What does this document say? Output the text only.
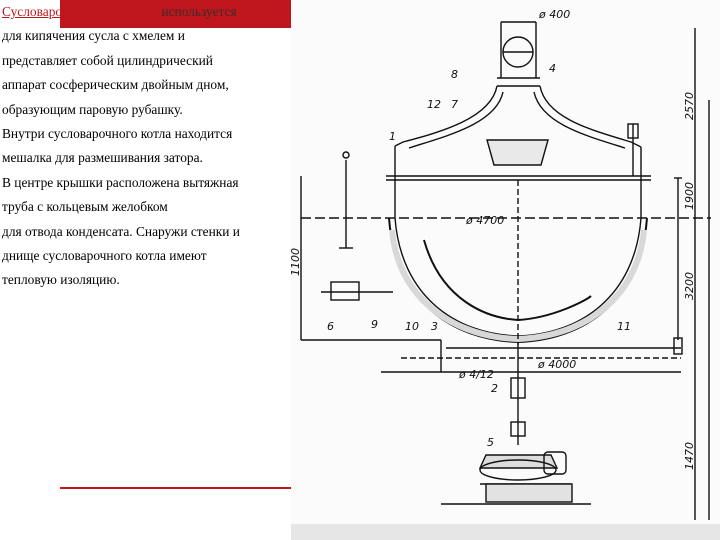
Сусловарочный котел (чан) используется
для кипячения сусла с хмелем и
представляет собой цилиндрический
аппарат сосферическим двойным дном,
образующим паровую рубашку.
Внутри сусловарочного котла находится
мешалка для размешивания затора.
В центре крышки расположена вытяжная
труба с кольцевым желобком
для отвода конденсата. Снаружи стенки и
днище сусловарочного котла имеют
тепловую изоляцию.
ø 400
ø 4700
ø 4000
ø 4/12
1
2
3
4
5
6
7
8
9 10	11
12	2570
1900
3200
1100
1470
